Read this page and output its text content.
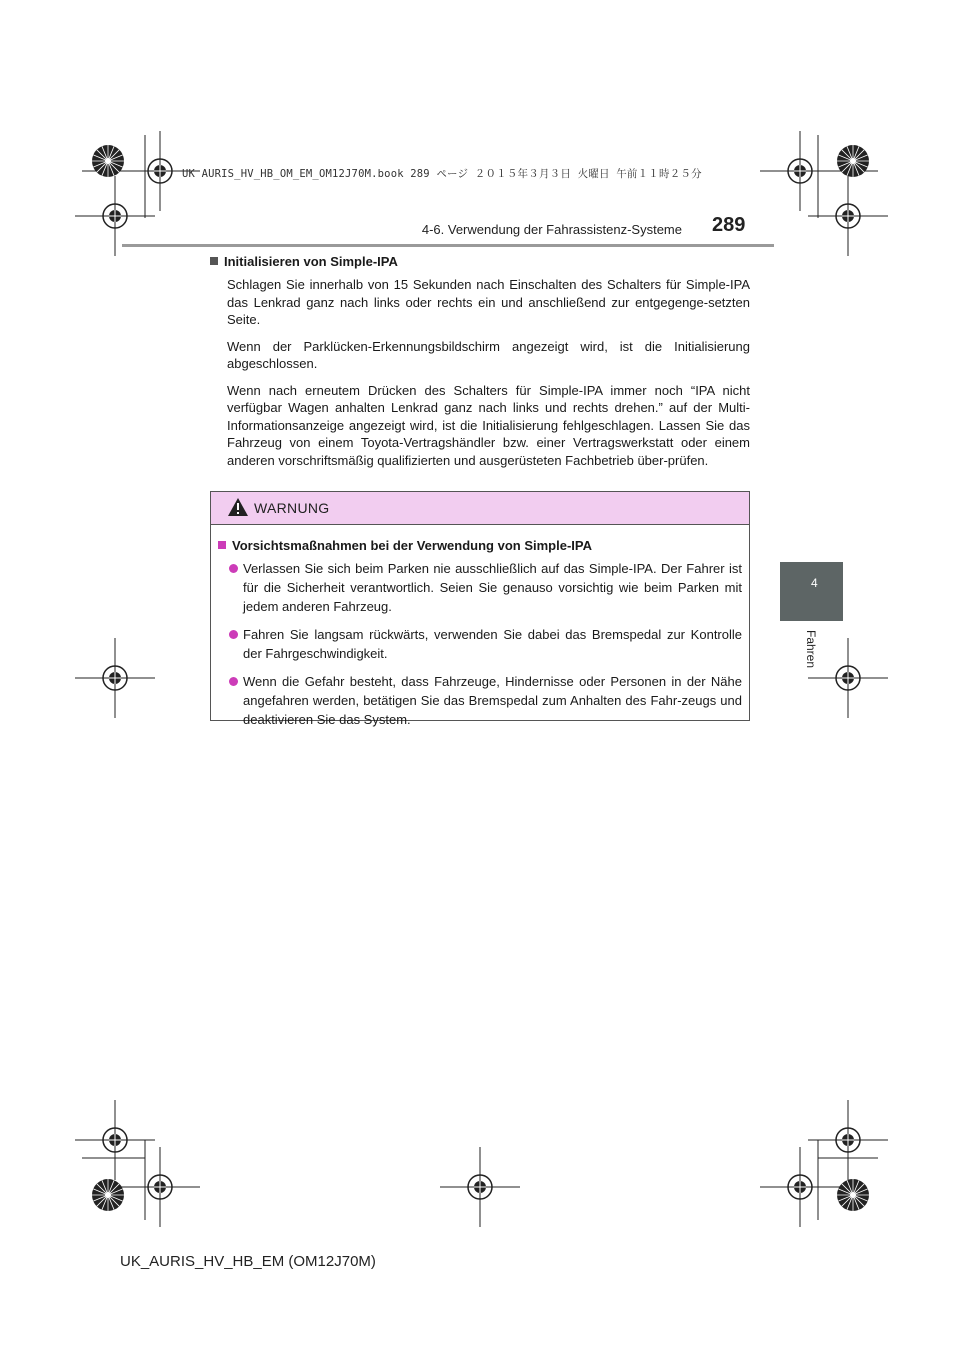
UK AURIS_HV_HB_OM_EM_OM12J70M.book 289 ページ ２０１５年３月３日 火曜日 午前１１時２５分
4-6. Verwendung der Fahrassistenz-Systeme 289
4
Fahren
Initialisieren von Simple-IPA

Schlagen Sie innerhalb von 15 Sekunden nach Einschalten des Schalters für Simple-IPA das Lenkrad ganz nach links oder rechts ein und anschließend zur entgegenge-setzten Seite.

Wenn der Parklücken-Erkennungsbildschirm angezeigt wird, ist die Initialisierung abgeschlossen.

Wenn nach erneutem Drücken des Schalters für Simple-IPA immer noch “IPA nicht verfügbar Wagen anhalten Lenkrad ganz nach links und rechts drehen.” auf der Multi-Informationsanzeige angezeigt wird, ist die Initialisierung fehlgeschlagen. Lassen Sie das Fahrzeug von einem Toyota-Vertragshändler bzw. einer Vertragswerkstatt oder einem anderen vorschriftsmäßig qualifizierten und ausgerüsteten Fachbetrieb über-prüfen.

WARNUNG
Vorsichtsmaßnahmen bei der Verwendung von Simple-IPA
Verlassen Sie sich beim Parken nie ausschließlich auf das Simple-IPA. Der Fahrer ist für die Sicherheit verantwortlich. Seien Sie genauso vorsichtig wie beim Parken mit jedem anderen Fahrzeug.
Fahren Sie langsam rückwärts, verwenden Sie dabei das Bremspedal zur Kontrolle der Fahrgeschwindigkeit.
Wenn die Gefahr besteht, dass Fahrzeuge, Hindernisse oder Personen in der Nähe angefahren werden, betätigen Sie das Bremspedal zum Anhalten des Fahr-zeugs und deaktivieren Sie das System.
UK_AURIS_HV_HB_EM (OM12J70M)
